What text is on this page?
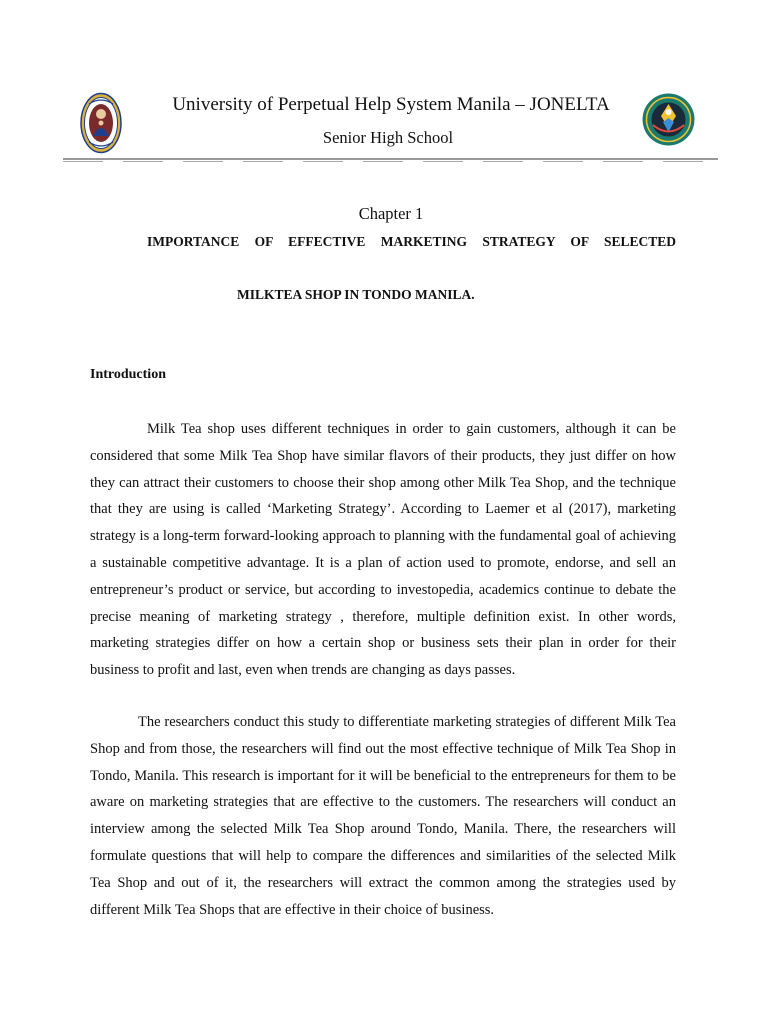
University of Perpetual Help System Manila – JONELTA
Senior High School
Chapter 1
IMPORTANCE OF EFFECTIVE MARKETING STRATEGY OF SELECTED
MILKTEA SHOP IN TONDO MANILA.
Introduction

Milk Tea shop uses different techniques in order to gain customers, although it can be considered that some Milk Tea Shop have similar flavors of their products, they just differ on how they can attract their customers to choose their shop among other Milk Tea Shop, and the technique that they are using is called ‘Marketing Strategy’. According to Laemer et al (2017), marketing strategy is a long-term forward-looking approach to planning with the fundamental goal of achieving a sustainable competitive advantage. It is a plan of action used to promote, endorse, and sell an entrepreneur’s product or service, but according to investopedia, academics continue to debate the precise meaning of marketing strategy , therefore, multiple definition exist. In other words, marketing strategies differ on how a certain shop or business sets their plan in order for their business to profit and last, even when trends are changing as days passes.

The researchers conduct this study to differentiate marketing strategies of different Milk Tea Shop and from those, the researchers will find out the most effective technique of Milk Tea Shop in Tondo, Manila. This research is important for it will be beneficial to the entrepreneurs for them to be aware on marketing strategies that are effective to the customers. The researchers will conduct an interview among the selected Milk Tea Shop around Tondo, Manila. There, the researchers will formulate questions that will help to compare the differences and similarities of the selected Milk Tea Shop and out of it, the researchers will extract the common among the strategies used by different Milk Tea Shops that are effective in their choice of business.
